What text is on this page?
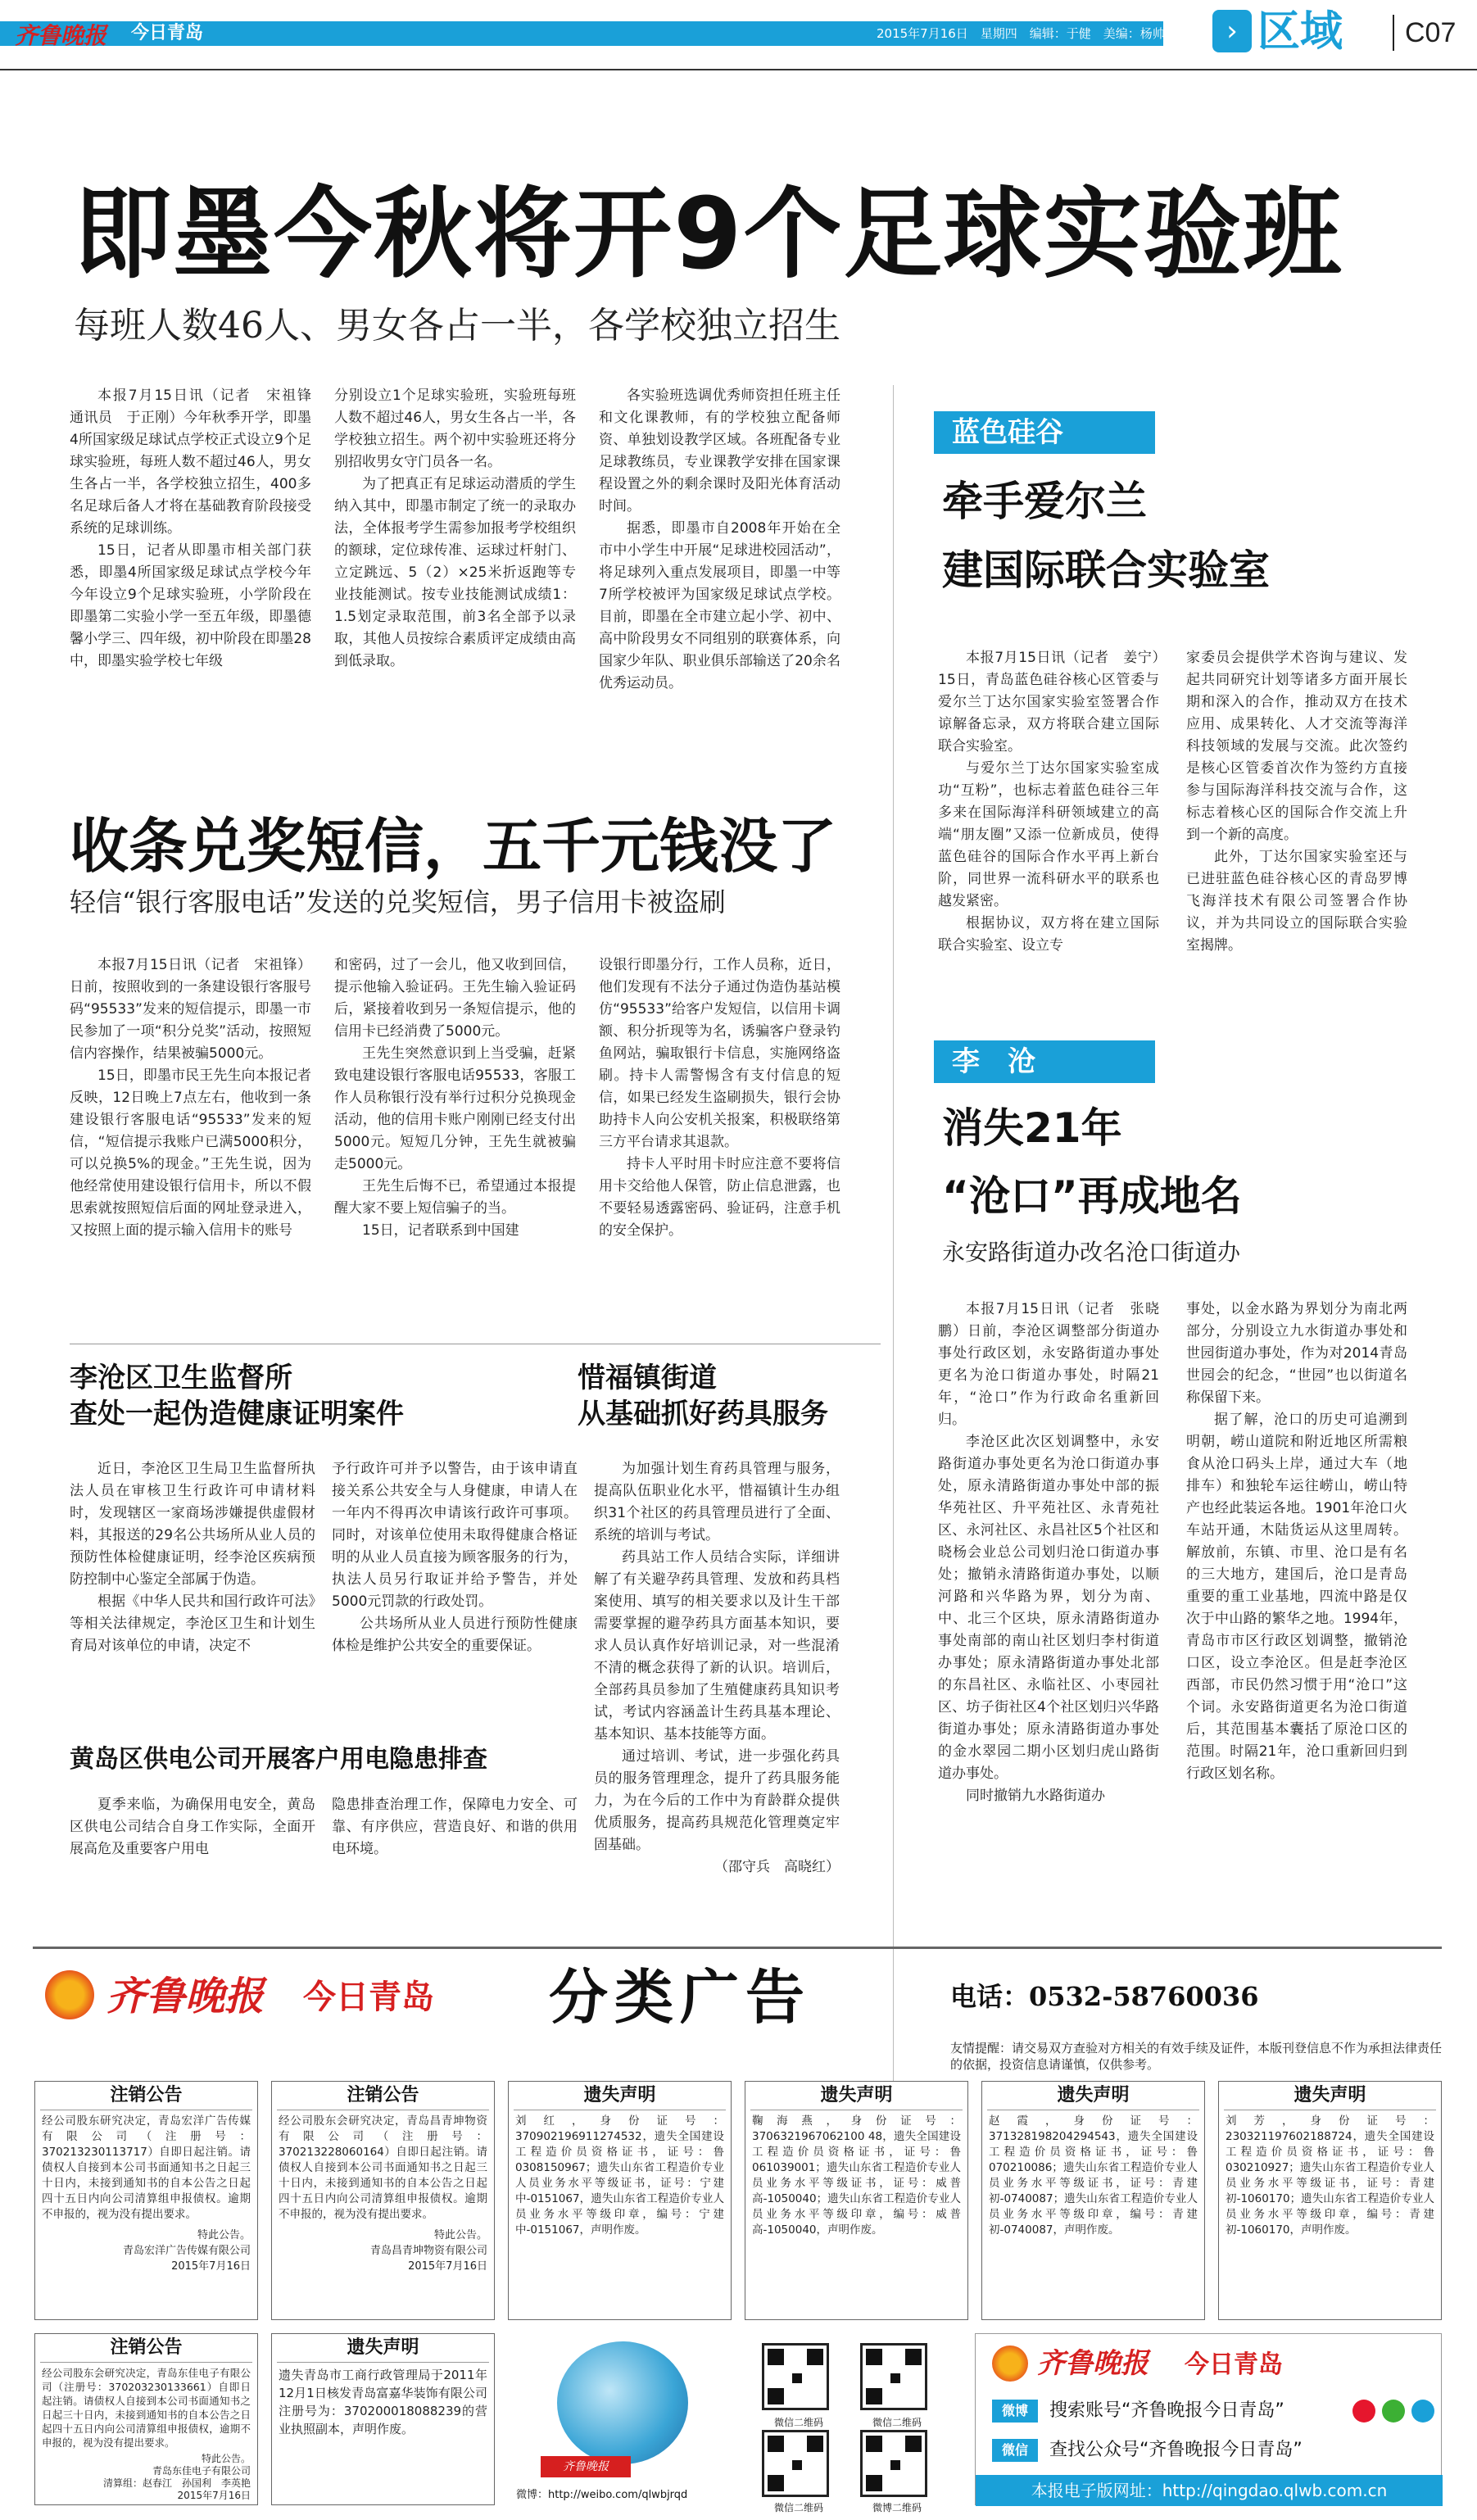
齐鲁晚报 今日青岛	2015年7月16日　星期四　编辑：于健　美编：杨帅	› 区域 C07
即墨今秋将开9个足球实验班
每班人数46人、男女各占一半，各学校独立招生

本报7月15日讯（记者　宋祖锋　通讯员　于正刚）今年秋季开学，即墨4所国家级足球试点学校正式设立9个足球实验班，每班人数不超过46人，男女生各占一半，各学校独立招生，400多名足球后备人才将在基础教育阶段接受系统的足球训练。

15日，记者从即墨市相关部门获悉，即墨4所国家级足球试点学校今年今年设立9个足球实验班，小学阶段在即墨第二实验小学一至五年级，即墨德馨小学三、四年级，初中阶段在即墨28中，即墨实验学校七年级

分别设立1个足球实验班，实验班每班人数不超过46人，男女生各占一半，各学校独立招生。两个初中实验班还将分别招收男女守门员各一名。

为了把真正有足球运动潜质的学生纳入其中，即墨市制定了统一的录取办法，全体报考学生需参加报考学校组织的额球，定位球传准、运球过杆射门、立定跳远、5（2）×25米折返跑等专业技能测试。按专业技能测试成绩1：1.5划定录取范围，前3名全部予以录取，其他人员按综合素质评定成绩由高到低录取。

各实验班选调优秀师资担任班主任和文化课教师，有的学校独立配备师资、单独划设教学区域。各班配备专业足球教练员，专业课教学安排在国家课程设置之外的剩余课时及阳光体育活动时间。

据悉，即墨市自2008年开始在全市中小学生中开展“足球进校园活动”，将足球列入重点发展项目，即墨一中等7所学校被评为国家级足球试点学校。目前，即墨在全市建立起小学、初中、高中阶段男女不同组别的联赛体系，向国家少年队、职业俱乐部输送了20余名优秀运动员。

收条兑奖短信，五千元钱没了
轻信“银行客服电话”发送的兑奖短信，男子信用卡被盗刷

本报7月15日讯（记者　宋祖锋）日前，按照收到的一条建设银行客服号码“95533”发来的短信提示，即墨一市民参加了一项“积分兑奖”活动，按照短信内容操作，结果被骗5000元。

15日，即墨市民王先生向本报记者反映，12日晚上7点左右，他收到一条建设银行客服电话“95533”发来的短信，“短信提示我账户已满5000积分，可以兑换5%的现金。”王先生说，因为他经常使用建设银行信用卡，所以不假思索就按照短信后面的网址登录进入，又按照上面的提示输入信用卡的账号

和密码，过了一会儿，他又收到回信，提示他输入验证码。王先生输入验证码后，紧接着收到另一条短信提示，他的信用卡已经消费了5000元。

王先生突然意识到上当受骗，赶紧致电建设银行客服电话95533，客服工作人员称银行没有举行过积分兑换现金活动，他的信用卡账户刚刚已经支付出5000元。短短几分钟，王先生就被骗走5000元。

王先生后悔不已，希望通过本报提醒大家不要上短信骗子的当。

15日，记者联系到中国建

设银行即墨分行，工作人员称，近日，他们发现有不法分子通过伪造伪基站模仿“95533”给客户发短信，以信用卡调额、积分折现等为名，诱骗客户登录钓鱼网站，骗取银行卡信息，实施网络盗刷。持卡人需警惕含有支付信息的短信，如果已经发生盗刷损失，银行会协助持卡人向公安机关报案，积极联络第三方平台请求其退款。

持卡人平时用卡时应注意不要将信用卡交给他人保管，防止信息泄露，也不要轻易透露密码、验证码，注意手机的安全保护。

李沧区卫生监督所
查处一起伪造健康证明案件

近日，李沧区卫生局卫生监督所执法人员在审核卫生行政许可申请材料时，发现辖区一家商场涉嫌提供虚假材料，其报送的29名公共场所从业人员的预防性体检健康证明，经李沧区疾病预防控制中心鉴定全部属于伪造。

根据《中华人民共和国行政许可法》等相关法律规定，李沧区卫生和计划生育局对该单位的申请，决定不

予行政许可并予以警告，由于该申请直接关系公共安全与人身健康，申请人在一年内不得再次申请该行政许可事项。同时，对该单位使用未取得健康合格证明的从业人员直接为顾客服务的行为，执法人员另行取证并给予警告，并处5000元罚款的行政处罚。

公共场所从业人员进行预防性健康体检是维护公共安全的重要保证。

黄岛区供电公司开展客户用电隐患排查

夏季来临，为确保用电安全，黄岛区供电公司结合自身工作实际，全面开展高危及重要客户用电

隐患排查治理工作，保障电力安全、可靠、有序供应，营造良好、和谐的供用电环境。

惜福镇街道
从基础抓好药具服务

为加强计划生育药具管理与服务，提高队伍职业化水平，惜福镇计生办组织31个社区的药具管理员进行了全面、系统的培训与考试。

药具站工作人员结合实际，详细讲解了有关避孕药具管理、发放和药具档案使用、填写的相关要求以及计生干部需要掌握的避孕药具方面基本知识，要求人员认真作好培训记录，对一些混淆不清的概念获得了新的认识。培训后，全部药具员参加了生殖健康药具知识考试，考试内容涵盖计生药具基本理论、基本知识、基本技能等方面。

通过培训、考试，进一步强化药具员的服务管理理念，提升了药具服务能力，为在今后的工作中为育龄群众提供优质服务，提高药具规范化管理奠定牢固基础。

（邵守兵　高晓红）

蓝色硅谷
牵手爱尔兰
建国际联合实验室

本报7月15日讯（记者　姜宁）15日，青岛蓝色硅谷核心区管委与爱尔兰丁达尔国家实验室签署合作谅解备忘录，双方将联合建立国际联合实验室。

与爱尔兰丁达尔国家实验室成功“互粉”，也标志着蓝色硅谷三年多来在国际海洋科研领域建立的高端“朋友圈”又添一位新成员，使得蓝色硅谷的国际合作水平再上新台阶，同世界一流科研水平的联系也越发紧密。

根据协议，双方将在建立国际联合实验室、设立专

家委员会提供学术咨询与建议、发起共同研究计划等诸多方面开展长期和深入的合作，推动双方在技术应用、成果转化、人才交流等海洋科技领域的发展与交流。此次签约是核心区管委首次作为签约方直接参与国际海洋科技交流与合作，这标志着核心区的国际合作交流上升到一个新的高度。

此外，丁达尔国家实验室还与已进驻蓝色硅谷核心区的青岛罗博飞海洋技术有限公司签署合作协议，并为共同设立的国际联合实验室揭牌。

李　沧
消失21年
“沧口”再成地名
永安路街道办改名沧口街道办

本报7月15日讯（记者　张晓鹏）日前，李沧区调整部分街道办事处行政区划，永安路街道办事处更名为沧口街道办事处，时隔21年，“沧口”作为行政命名重新回归。

李沧区此次区划调整中，永安路街道办事处更名为沧口街道办事处，原永清路街道办事处中部的振华苑社区、升平苑社区、永青苑社区、永河社区、永昌社区5个社区和晓杨会业总公司划归沧口街道办事处；撤销永清路街道办事处，以顺河路和兴华路为界，划分为南、中、北三个区块，原永清路街道办事处南部的南山社区划归李村街道办事处；原永清路街道办事处北部的东昌社区、永临社区、小枣园社区、坊子街社区4个社区划归兴华路街道办事处；原永清路街道办事处的金水翠园二期小区划归虎山路街道办事处。

同时撤销九水路街道办

事处，以金水路为界划分为南北两部分，分别设立九水街道办事处和世园街道办事处，作为对2014青岛世园会的纪念，“世园”也以街道名称保留下来。

据了解，沧口的历史可追溯到明朝，崂山道院和附近地区所需粮食从沧口码头上岸，通过大车（地排车）和独轮车运往崂山，崂山特产也经此装运各地。1901年沧口火车站开通，木陆货运从这里周转。解放前，东镇、市里、沧口是有名的三大地方，建国后，沧口是青岛重要的重工业基地，四流中路是仅次于中山路的繁华之地。1994年，青岛市市区行政区划调整，撤销沧口区，设立李沧区。但是赶李沧区西部，市民仍然习惯于用“沧口”这个词。永安路街道更名为沧口街道后，其范围基本囊括了原沧口区的范围。时隔21年，沧口重新回归到行政区划名称。

齐鲁晚报 今日青岛 分类广告	电话：0532-58760036
友情提醒：请交易双方查验对方相关的有效手续及证件，本版刊登信息不作为承担法律责任的依据，投资信息请谨慎，仅供参考。
注销公告
经公司股东研究决定，青岛宏洋广告传媒有限公司（注册号：370213230113717）自即日起注销。请债权人自接到本公司书面通知书之日起三十日内，未接到通知书的自本公告之日起四十五日内向公司清算组申报债权。逾期不申报的，视为没有提出要求。
特此公告。
青岛宏洋广告传媒有限公司
2015年7月16日
注销公告
经公司股东会研究决定，青岛昌青坤物资有限公司（注册号：370213228060164）自即日起注销。请债权人自接到本公司书面通知书之日起三十日内，未接到通知书的自本公告之日起四十五日内向公司清算组申报债权。逾期不申报的，视为没有提出要求。
特此公告。
青岛昌青坤物资有限公司
2015年7月16日
遗失声明
刘红，身份证号：370902196911274532，遗失全国建设工程造价员资格证书，证号：鲁0308150967；遗失山东省工程造价专业人员业务水平等级证书，证号：宁建中-0151067，遗失山东省工程造价专业人员业务水平等级印章，编号：宁建中-0151067，声明作废。
遗失声明
鞠海燕，身份证号：3706321967062100 48，遗失全国建设工程造价员资格证书，证号：鲁061039001；遗失山东省工程造价专业人员业务水平等级证书，证号：威普高-1050040；遗失山东省工程造价专业人员业务水平等级印章，编号：威普高-1050040，声明作废。
遗失声明
赵霞，身份证号：371328198204294543，遗失全国建设工程造价员资格证书，证号：鲁070210086；遗失山东省工程造价专业人员业务水平等级证书，证号：青建初-0740087；遗失山东省工程造价专业人员业务水平等级印章，编号：青建初-0740087，声明作废。
遗失声明
刘芳，身份证号：230321197602188724，遗失全国建设工程造价员资格证书，证号：鲁030210927；遗失山东省工程造价专业人员业务水平等级证书，证号：青建初-1060170；遗失山东省工程造价专业人员业务水平等级印章，编号：青建初-1060170，声明作废。
注销公告
经公司股东会研究决定，青岛东佳电子有限公司（注册号：370203230133661）自即日起注销。请债权人自接到本公司书面通知书之日起三十日内，未接到通知书的自本公告之日起四十五日内向公司清算组申报债权，逾期不申报的，视为没有提出要求。
特此公告。
青岛东佳电子有限公司
清算组：赵春江　孙国利　李英艳
2015年7月16日
遗失声明
遗失青岛市工商行政管理局于2011年12月1日核发青岛富嘉华装饰有限公司注册号为：370200018088239的营业执照副本，声明作废。
齐鲁晚报
微博：http://weibo.com/qlwbjrqd
微信二维码	微信二维码
微信二维码	微博二维码
齐鲁晚报 今日青岛
微博	搜索账号“齐鲁晚报今日青岛”
微信	查找公众号“齐鲁晚报今日青岛”
本报电子版网址：http://qingdao.qlwb.com.cn
